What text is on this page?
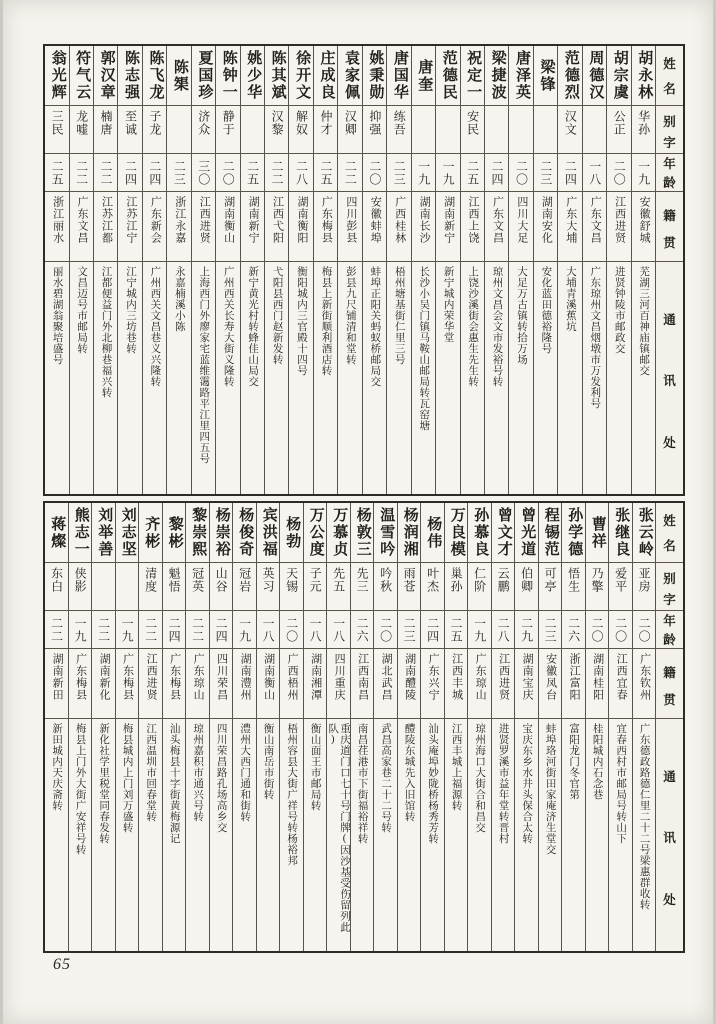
姓
名
别
字
年
龄
籍
贯
通
讯
处
胡永林
华孙
一九
安徽舒城
芜湖三河百神庙镇邮交
胡宗虞
公正
二〇
江西进贤
进贤钟陵市邮政交
周德汉
一八
广东文昌
广东琼州文昌烟墩市万发利号
范德烈
汉文
二四
广东大埔
大埔青溪蕉坑
梁锋
二三
湖南安化
安化蓝田德裕隆号
唐泽英
二〇
四川大足
大足万古镇转拾万场
梁捷波
二四
广东文昌
琼州文昌会文市发裕号转
祝定一
安民
二五
江西上饶
上饶沙溪街会惠生先生转
范德民
一九
湖南新宁
新宁城内荣华堂
唐奎
一九
湖南长沙
长沙小吴门镇马鞍山邮局转瓦窑塘
唐国华
练吾
二三
广西桂林
梧州塘基街仁里三号
姚秉勋
抑强
二〇
安徽蚌埠
蚌埠正阳关蚂蚁桥邮局交
袁家佩
汉卿
二二
四川彭县
彭县九尺铺清和堂转
庄成良
仲才
二五
广东梅县
梅县上新街顺利酒店转
徐开文
解奴
二八
湖南衡阳
衡阳城内三官殿十四号
陈其斌
汉黎
二二
江西弋阳
弋阳县西门赵新发转
姚少华
二五
湖南新宁
新宁黄光村转蜂佳山局交
陈钟一
静于
二〇
湖南衡山
广州西关长寿大街义隆转
夏国珍
济众
三〇
江西进贤
上海西门外廖家宅蓝维霭路平江里四五号
陈榘
二三
浙江永嘉
永嘉楠溪小陈
陈飞龙
子龙
二四
广东新会
广州西关文昌巷义兴隆转
陈志强
至诚
二四
江苏江宁
江宁城内三坊巷转
郭汉章
楠唐
二二
江苏江都
江都便益门外北柳巷福兴转
符气云
龙嘘
二二
广东文昌
文昌迈号市邮局转
翁光辉
三民
二五
浙江丽水
丽水碧湖翁聚培盛号
姓
名
别
字
年
龄
籍
贯
通
讯
处
张云岭
亚房
二〇
广东钦州
广东德政路德仁里二十二号梁惠群收转
张继良
爱平
二〇
江西宜春
宜春西村市邮局号转山下
曹祥
乃擎
二〇
湖南桂阳
桂阳城内石念巷
孙学德
悟生
二六
浙江富阳
富阳龙门冬官第
程锡范
可亭
二三
安徽凤台
蚌埠珞河街田家庵济生堂交
曾光道
伯卿
二九
湖南宝庆
宝庆东乡水井头保合太转
曾文才
云鹏
二八
江西进贤
进贤罗溪市益年堂转晋村
孙慕良
仁阶
一九
广东琼山
琼州海口大街合和昌交
万良模
巢孙
二五
江西丰城
江西丰城上福源转
杨伟
叶杰
二四
广东兴宁
汕头庵埠妙陇桥杨秀芳转
杨润湘
雨苍
二三
湖南醴陵
醴陵东城先入旧馆转
温雪吟
吟秋
二〇
湖北武昌
武昌高家巷二十二号转
杨敦三
先三
二六
江西南昌
南昌荏港市下街福裕祥转
万慕贞
先五
一八
四川重庆
重庆道门口七十号门牌(因沙基受伤留列此队)
万公度
子元
一八
湖南湘潭
衡山面王市邮局转
杨勃
天锡
二〇
广西梧州
梧州容县大街广祥号转杨裕邦
宾洪福
英习
一八
湖南衡山
衡山南岳市街转
杨俊奇
冠岩
一九
湖南澧州
澧州大西门通和街转
杨崇裕
山谷
二四
四川荣昌
四川荣昌路孔场高乡交
黎崇熙
冠英
二二
广东琼山
琼州嘉积市通兴号转
黎彬
魁悟
二四
广东梅县
汕头梅县十字街黄梅源记
齐彬
清度
二二
江西进贤
江西温圳市回春堂转
刘志坚
一九
广东梅县
梅县城内上门刘万盛转
刘举善
二二
湖南新化
新化社学里税堂同春发转
熊志一
侠影
一九
广东梅县
梅县上门外大街广安祥号转
蒋燦
东白
二二
湖南新田
新田城内天庆斋转
65
